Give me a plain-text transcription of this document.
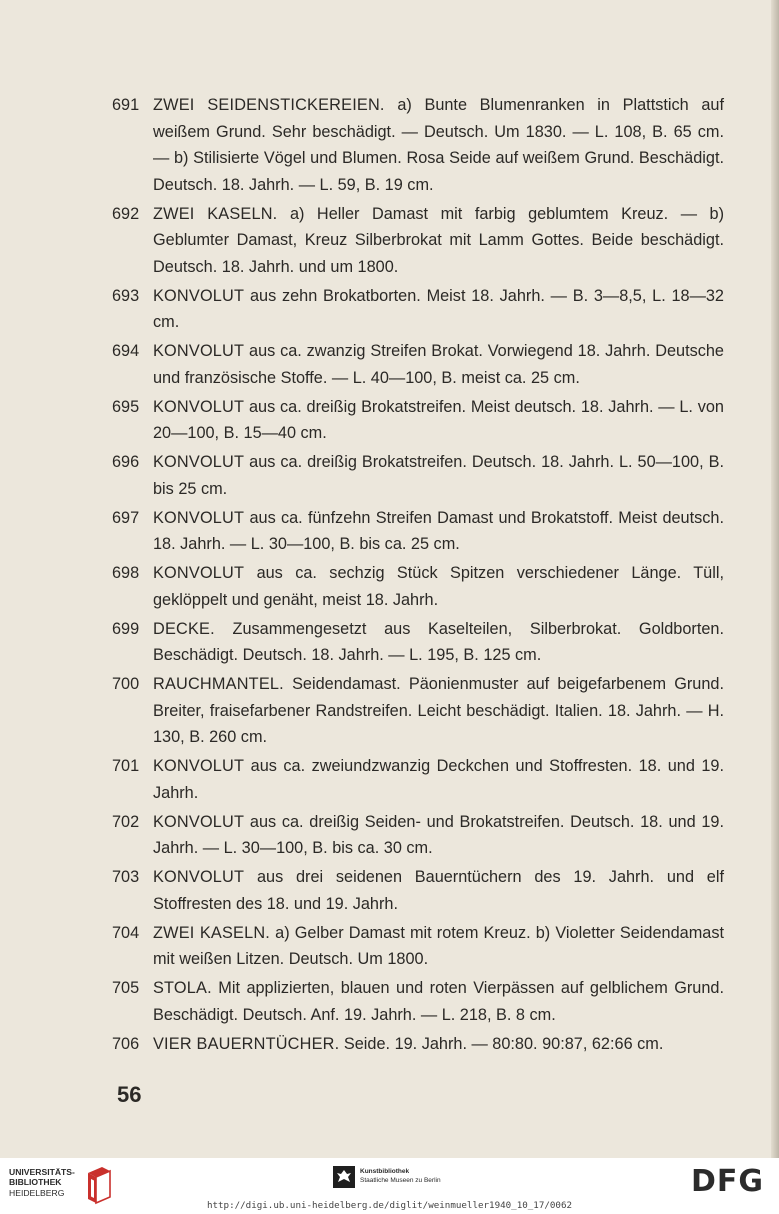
691 ZWEI SEIDENSTICKEREIEN. a) Bunte Blumenranken in Plattstich auf weißem Grund. Sehr beschädigt. — Deutsch. Um 1830. — L. 108, B. 65 cm. — b) Stilisierte Vögel und Blumen. Rosa Seide auf weißem Grund. Beschädigt. Deutsch. 18. Jahrh. — L. 59, B. 19 cm.
692 ZWEI KASELN. a) Heller Damast mit farbig geblumtem Kreuz. — b) Geblumter Damast, Kreuz Silberbrokat mit Lamm Gottes. Beide beschädigt. Deutsch. 18. Jahrh. und um 1800.
693 KONVOLUT aus zehn Brokatborten. Meist 18. Jahrh. — B. 3—8,5, L. 18—32 cm.
694 KONVOLUT aus ca. zwanzig Streifen Brokat. Vorwiegend 18. Jahrh. Deutsche und französische Stoffe. — L. 40—100, B. meist ca. 25 cm.
695 KONVOLUT aus ca. dreißig Brokatstreifen. Meist deutsch. 18. Jahrh. — L. von 20—100, B. 15—40 cm.
696 KONVOLUT aus ca. dreißig Brokatstreifen. Deutsch. 18. Jahrh. L. 50—100, B. bis 25 cm.
697 KONVOLUT aus ca. fünfzehn Streifen Damast und Brokatstoff. Meist deutsch. 18. Jahrh. — L. 30—100, B. bis ca. 25 cm.
698 KONVOLUT aus ca. sechzig Stück Spitzen verschiedener Länge. Tüll, geklöppelt und genäht, meist 18. Jahrh.
699 DECKE. Zusammengesetzt aus Kaselteilen, Silberbrokat. Goldborten. Beschädigt. Deutsch. 18. Jahrh. — L. 195, B. 125 cm.
700 RAUCHMANTEL. Seidendamast. Päonienmuster auf beigefarbenem Grund. Breiter, fraisefarbener Randstreifen. Leicht beschädigt. Italien. 18. Jahrh. — H. 130, B. 260 cm.
701 KONVOLUT aus ca. zweiundzwanzig Deckchen und Stoffresten. 18. und 19. Jahrh.
702 KONVOLUT aus ca. dreißig Seiden- und Brokatstreifen. Deutsch. 18. und 19. Jahrh. — L. 30—100, B. bis ca. 30 cm.
703 KONVOLUT aus drei seidenen Bauerntüchern des 19. Jahrh. und elf Stoffresten des 18. und 19. Jahrh.
704 ZWEI KASELN. a) Gelber Damast mit rotem Kreuz. b) Violetter Seidendamast mit weißen Litzen. Deutsch. Um 1800.
705 STOLA. Mit applizierten, blauen und roten Vierpässen auf gelblichem Grund. Beschädigt. Deutsch. Anf. 19. Jahrh. — L. 218, B. 8 cm.
706 VIER BAUERNTÜCHER. Seide. 19. Jahrh. — 80:80. 90:87, 62:66 cm.
56
UNIVERSITÄTS-
BIBLIOTHEK
HEIDELBERG
Kunstbibliothek
Staatliche Museen zu Berlin	DFG
http://digi.ub.uni-heidelberg.de/diglit/weinmueller1940_10_17/0062
